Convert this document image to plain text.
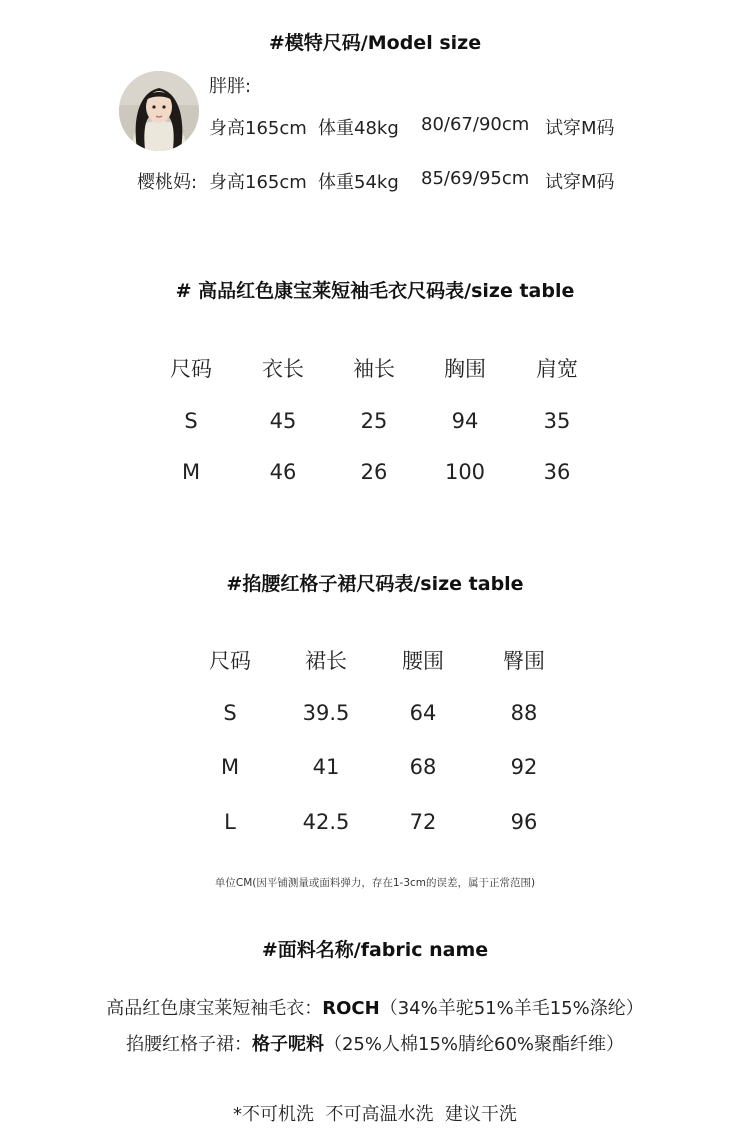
#模特尺码/Model size
胖胖:
身高165cm 体重48kg 80/67/90cm 试穿M码
樱桃妈: 身高165cm 体重54kg 85/69/95cm 试穿M码
# 高品红色康宝莱短袖毛衣尺码表/size table
尺码	衣长	袖长	胸围	肩宽
S	45	25	94	35
M	46	26	100	36
#掐腰红格子裙尺码表/size table
尺码	裙长	腰围	臀围
S	39.5	64	88
M	41	68	92
L	42.5	72	96
单位CM(因平铺测量或面料弹力，存在1-3cm的误差，属于正常范围)
#面料名称/fabric name
高品红色康宝莱短袖毛衣：ROCH（34%羊驼51%羊毛15%涤纶）
掐腰红格子裙：格子呢料（25%人棉15%腈纶60%聚酯纤维）
*不可机洗  不可高温水洗  建议干洗
